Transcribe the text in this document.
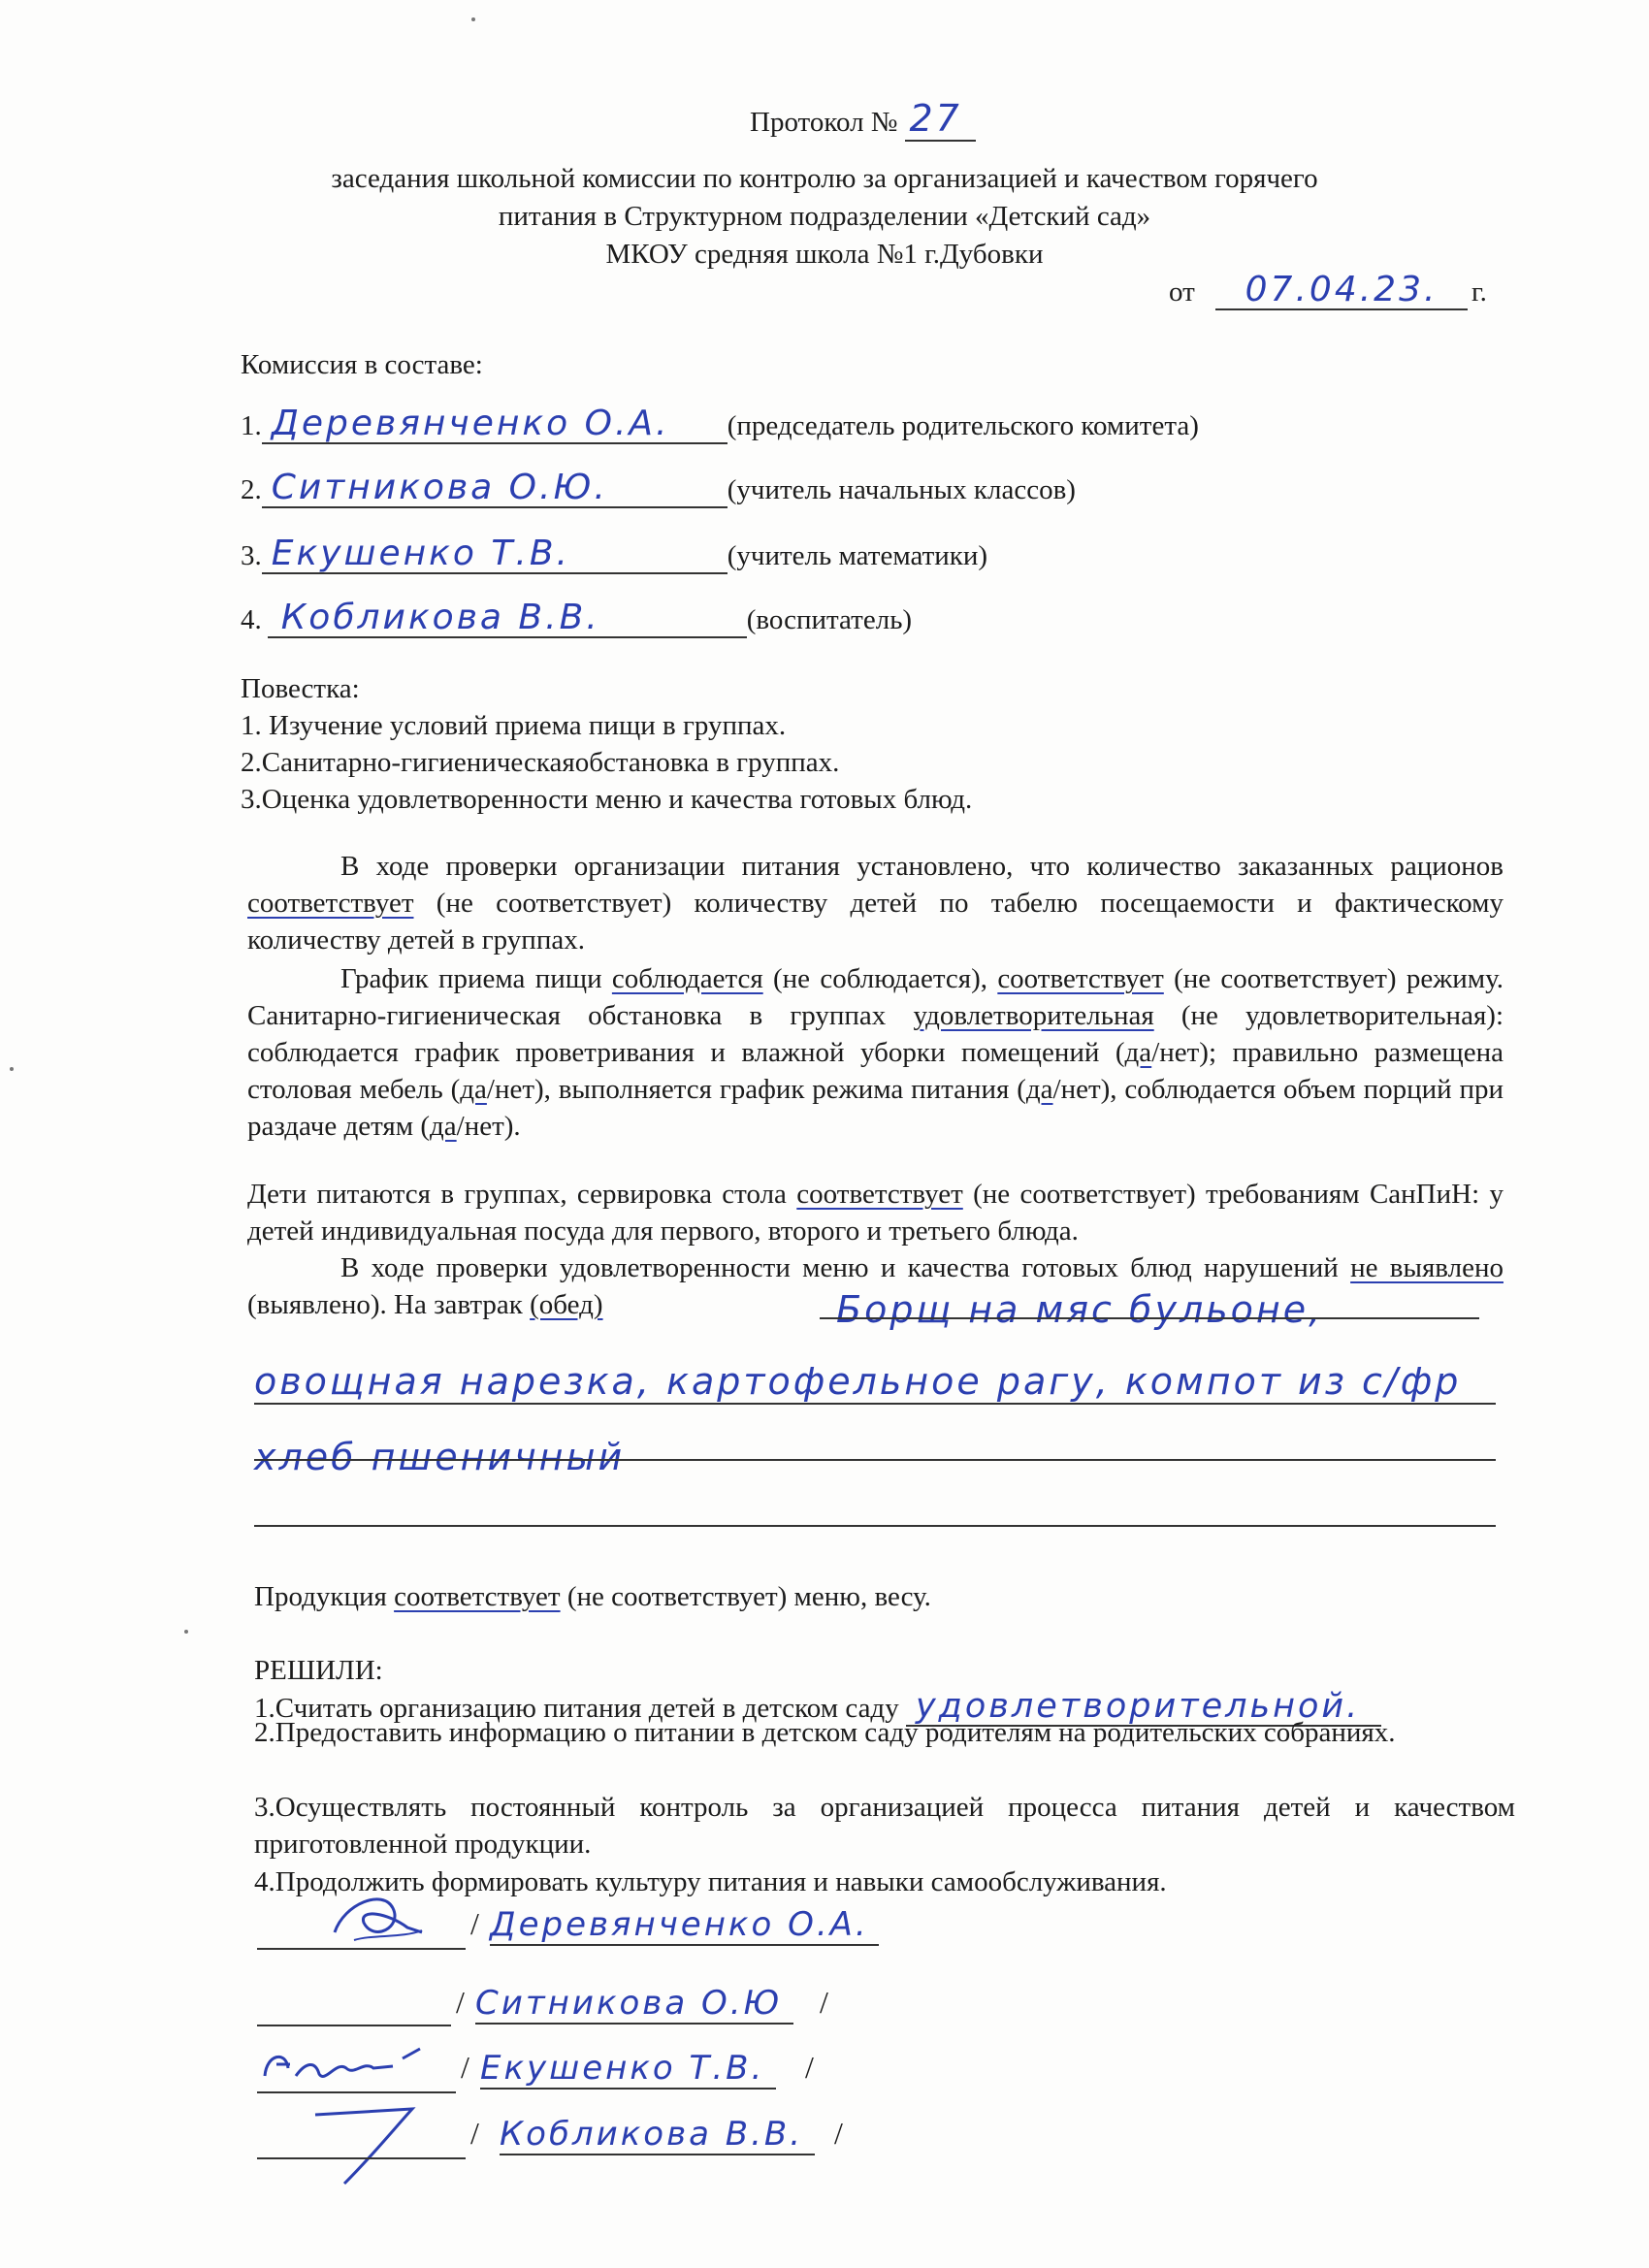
Протокол № 27
заседания школьной комиссии по контролю за организацией и качеством горячего
питания в Структурном подразделении «Детский сад»
МКОУ средняя школа №1 г.Дубовки
от 07.04.23. г.
Комиссия в составе:
1. Деревянченко О.А. (председатель родительского комитета)
2. Ситникова О.Ю.	(учитель начальных классов)
3. Екушенко Т.В.	(учитель математики)
4. Кобликова В.В.	(воспитатель)
Повестка:
1. Изучение условий приема пищи в группах.
2.Санитарно-гигиеническаяобстановка в группах.
3.Оценка удовлетворенности меню и качества готовых блюд.
В ходе проверки организации питания установлено, что количество заказанных рационов соответствует (не соответствует) количеству детей по табелю посещаемости и фактическому количеству детей в группах.
График приема пищи соблюдается (не соблюдается), соответствует (не соответствует) режиму. Санитарно-гигиеническая обстановка в группах удовлетворительная (не удовлетворительная): соблюдается график проветривания и влажной уборки помещений (да/нет); правильно размещена столовая мебель (да/нет), выполняется график режима питания (да/нет), соблюдается объем порций при раздаче детям (да/нет).
Дети питаются в группах, сервировка стола соответствует (не соответствует) требованиям СанПиН: у детей индивидуальная посуда для первого, второго и третьего блюда.
В ходе проверки удовлетворенности меню и качества готовых блюд нарушений не выявлено (выявлено). На завтрак (обед)	Борщ на мяс бульоне,
овощная нарезка, картофельное рагу, компот из с/фр
хлеб пшеничный
Продукция соответствует (не соответствует) меню, весу.
РЕШИЛИ:
1.Считать организацию питания детей в детском саду удовлетворительной.
2.Предоставить информацию о питании в детском саду родителям на родительских собраниях.
3.Осуществлять постоянный контроль за организацией процесса питания детей и качеством приготовленной продукции.
4.Продолжить формировать культуру питания и навыки самообслуживания.
/ Деревянченко О.А.
/ Ситникова О.Ю	/
/ Екушенко Т.В.	/
/ Кобликова В.В. /
